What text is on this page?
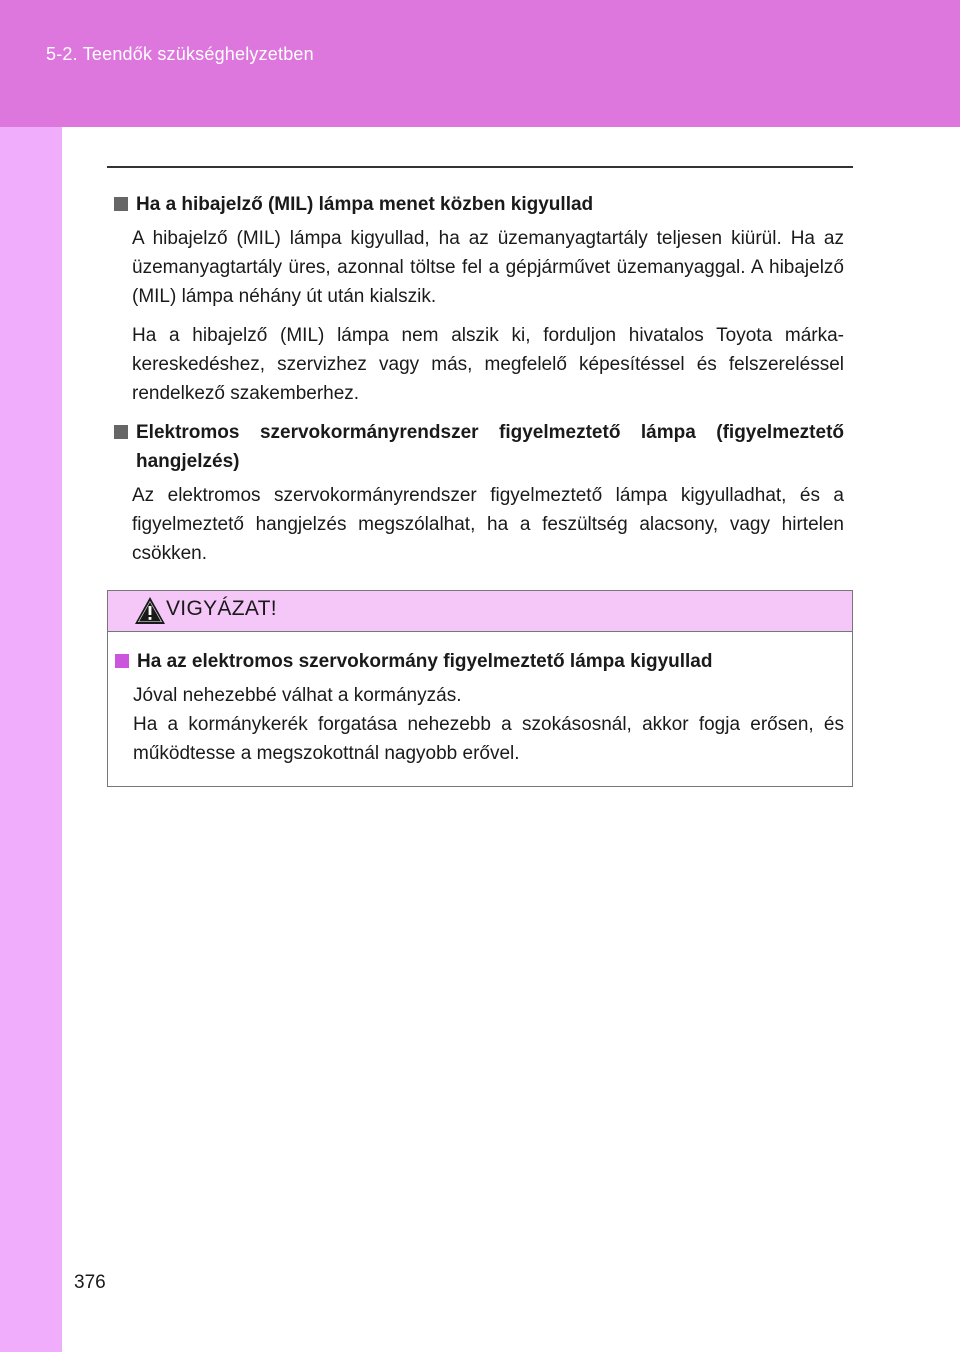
5-2. Teendők szükséghelyzetben
Ha a hibajelző (MIL) lámpa menet közben kigyullad

A hibajelző (MIL) lámpa kigyullad, ha az üzemanyagtartály teljesen kiürül. Ha az üzemanyagtartály üres, azonnal töltse fel a gépjárművet üzemanyaggal. A hibajelző (MIL) lámpa néhány út után kialszik.

Ha a hibajelző (MIL) lámpa nem alszik ki, forduljon hivatalos Toyota márkakereskedéshez, szervizhez vagy más, megfelelő képesítéssel és felszereléssel rendelkező szakemberhez.

Elektromos szervokormányrendszer figyelmeztető lámpa (figyelmeztető hangjelzés)

Az elektromos szervokormányrendszer figyelmeztető lámpa kigyulladhat, és a figyelmeztető hangjelzés megszólalhat, ha a feszültség alacsony, vagy hirtelen csökken.

VIGYÁZAT!
Ha az elektromos szervokormány figyelmeztető lámpa kigyullad

Jóval nehezebbé válhat a kormányzás.

Ha a kormánykerék forgatása nehezebb a szokásosnál, akkor fogja erősen, és működtesse a megszokottnál nagyobb erővel.

376
